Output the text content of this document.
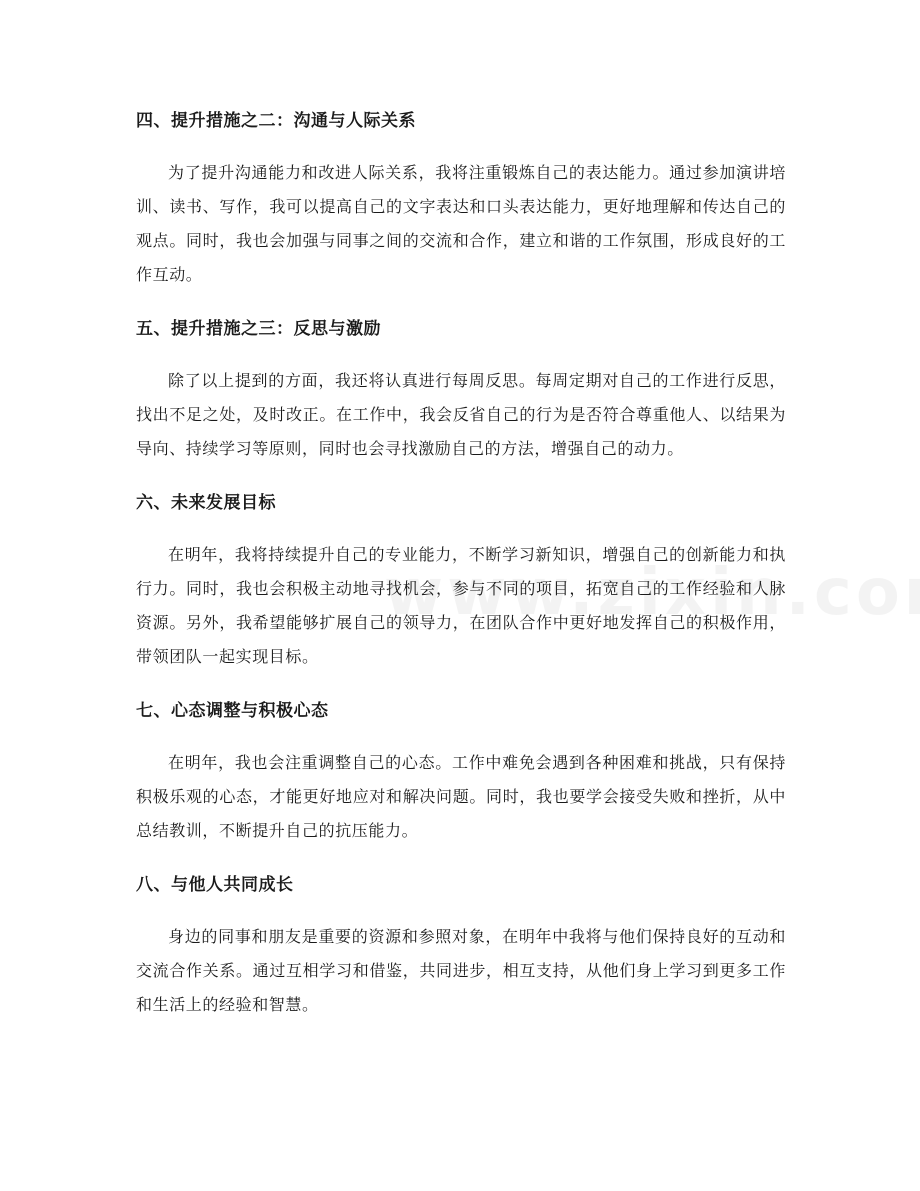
四、提升措施之二：沟通与人际关系

为了提升沟通能力和改进人际关系，我将注重锻炼自己的表达能力。通过参加演讲培训、读书、写作，我可以提高自己的文字表达和口头表达能力，更好地理解和传达自己的观点。同时，我也会加强与同事之间的交流和合作，建立和谐的工作氛围，形成良好的工作互动。

五、提升措施之三：反思与激励

除了以上提到的方面，我还将认真进行每周反思。每周定期对自己的工作进行反思，找出不足之处，及时改正。在工作中，我会反省自己的行为是否符合尊重他人、以结果为导向、持续学习等原则，同时也会寻找激励自己的方法，增强自己的动力。

六、未来发展目标

在明年，我将持续提升自己的专业能力，不断学习新知识，增强自己的创新能力和执行力。同时，我也会积极主动地寻找机会，参与不同的项目，拓宽自己的工作经验和人脉资源。另外，我希望能够扩展自己的领导力，在团队合作中更好地发挥自己的积极作用，带领团队一起实现目标。

七、心态调整与积极心态

在明年，我也会注重调整自己的心态。工作中难免会遇到各种困难和挑战，只有保持积极乐观的心态，才能更好地应对和解决问题。同时，我也要学会接受失败和挫折，从中总结教训，不断提升自己的抗压能力。

八、与他人共同成长

身边的同事和朋友是重要的资源和参照对象，在明年中我将与他们保持良好的互动和交流合作关系。通过互相学习和借鉴，共同进步，相互支持，从他们身上学习到更多工作和生活上的经验和智慧。
